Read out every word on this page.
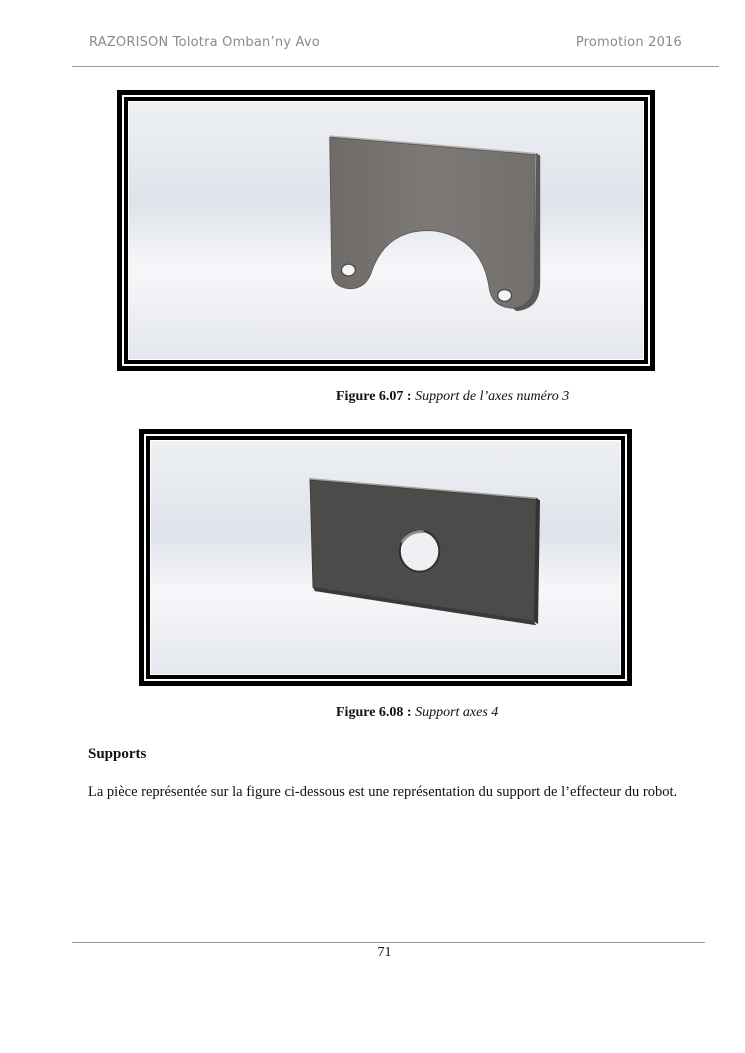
RAZORISON Tolotra Omban’ny Avo	Promotion 2016
Figure 6.07 : Support de l’axes numéro 3
Figure 6.08 : Support axes 4
Supports
La pièce représentée sur la figure ci-dessous est une représentation du support de l’effecteur du robot.
71
